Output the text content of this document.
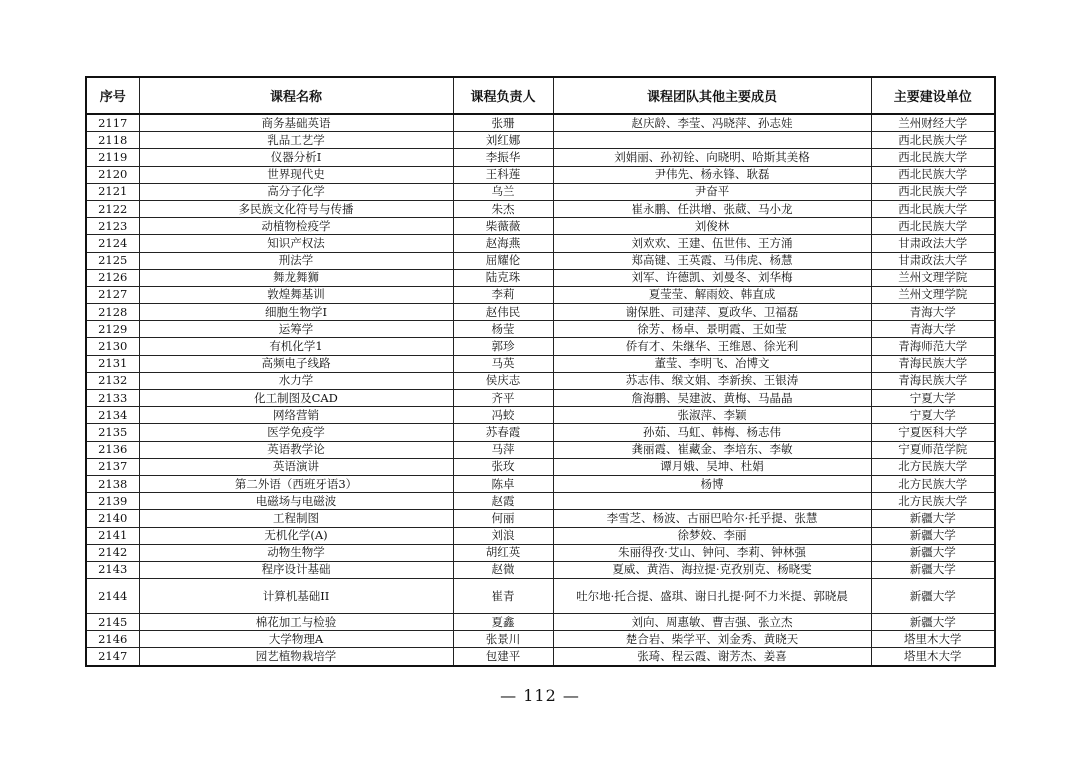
序号	课程名称	课程负责人	课程团队其他主要成员	主要建设单位
2117	商务基础英语	张珊	赵庆龄、李莹、冯晓萍、孙志娃	兰州财经大学
2118	乳品工艺学	刘红娜		西北民族大学
2119	仪器分析I	李振华	刘娟丽、孙初铨、向晓明、哈斯其美格	西北民族大学
2120	世界现代史	王科莲	尹伟先、杨永锋、耿磊	西北民族大学
2121	高分子化学	乌兰	尹奋平	西北民族大学
2122	多民族文化符号与传播	朱杰	崔永鹏、任洪增、张葳、马小龙	西北民族大学
2123	动植物检疫学	柴薇薇	刘俊林	西北民族大学
2124	知识产权法	赵海燕	刘欢欢、王建、伍世伟、王方涌	甘肃政法大学
2125	刑法学	屈耀伦	郑高键、王英霞、马伟虎、杨慧	甘肃政法大学
2126	舞龙舞狮	陆克珠	刘军、许德凯、刘曼冬、刘华梅	兰州文理学院
2127	敦煌舞基训	李莉	夏莹莹、解雨姣、韩直成	兰州文理学院
2128	细胞生物学I	赵伟民	谢保胜、司建萍、夏政华、卫福磊	青海大学
2129	运筹学	杨莹	徐芳、杨卓、景明霞、王如莹	青海大学
2130	有机化学1	郭珍	侨有才、朱继华、王维恩、徐光利	青海师范大学
2131	高频电子线路	马英	董莹、李明飞、冶博文	青海民族大学
2132	水力学	侯庆志	苏志伟、缑文娟、李新挨、王银涛	青海民族大学
2133	化工制图及CAD	齐平	詹海鹏、吴建波、黄梅、马晶晶	宁夏大学
2134	网络营销	冯蛟	张淑萍、李颖	宁夏大学
2135	医学免疫学	苏春霞	孙茹、马虹、韩梅、杨志伟	宁夏医科大学
2136	英语教学论	马萍	龚丽霞、崔藏金、李培东、李敏	宁夏师范学院
2137	英语演讲	张玫	谭月娥、吴坤、杜娟	北方民族大学
2138	第二外语（西班牙语3）	陈卓	杨博	北方民族大学
2139	电磁场与电磁波	赵霞		北方民族大学
2140	工程制图	何丽	李雪芝、杨波、古丽巴哈尔·托乎提、张慧	新疆大学
2141	无机化学(A)	刘浪	徐梦姣、李丽	新疆大学
2142	动物生物学	胡红英	朱丽得孜·艾山、钟问、李莉、钟林强	新疆大学
2143	程序设计基础	赵微	夏威、黄浩、海拉提·克孜别克、杨晓雯	新疆大学
2144	计算机基础II	崔青	吐尔地·托合提、盛琪、谢日扎提·阿不力米提、郭晓晨	新疆大学
2145	棉花加工与检验	夏鑫	刘向、周惠敏、曹吉强、张立杰	新疆大学
2146	大学物理A	张景川	楚合岩、柴学平、刘金秀、黄晓天	塔里木大学
2147	园艺植物栽培学	包建平	张琦、程云霞、谢芳杰、姜喜	塔里木大学
— 112 —
